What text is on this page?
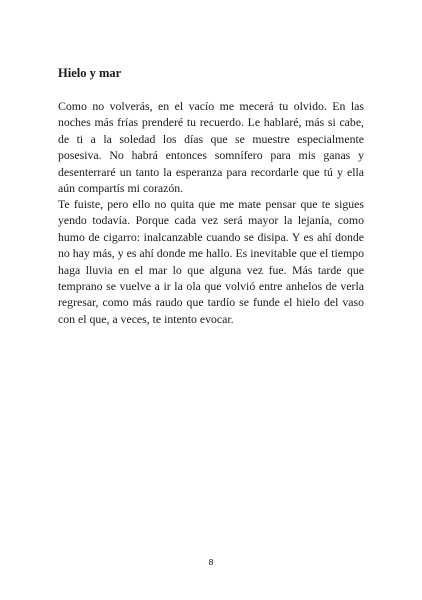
Hielo y mar

Como no volverás, en el vacío me mecerá tu olvido. En las noches más frías prenderé tu recuerdo. Le hablaré, más si cabe, de ti a la soledad los días que se muestre especialmente posesiva. No habrá entonces somnífero para mis ganas y desenterraré un tanto la esperanza para recordarle que tú y ella aún compartís mi corazón.

Te fuiste, pero ello no quita que me mate pensar que te sigues yendo todavía. Porque cada vez será mayor la lejanía, como humo de cigarro: inalcanzable cuando se disipa. Y es ahí donde no hay más, y es ahí donde me hallo. Es inevitable que el tiempo haga lluvia en el mar lo que alguna vez fue. Más tarde que temprano se vuelve a ir la ola que volvió entre anhelos de verla regresar, como más raudo que tardío se funde el hielo del vaso con el que, a veces, te intento evocar.

8
